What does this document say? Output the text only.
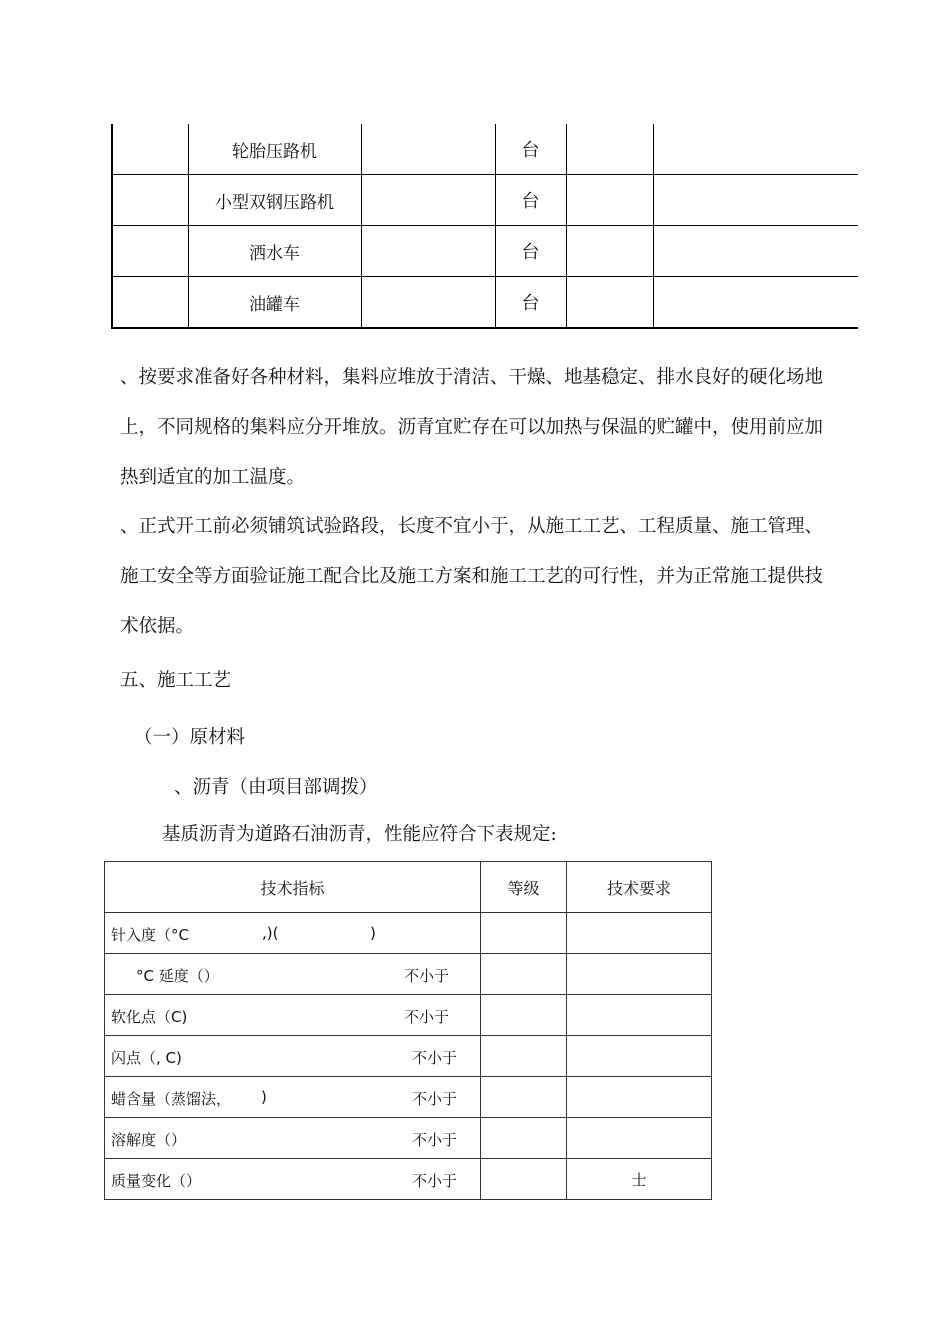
	轮胎压路机		台		
	小型双钢压路机		台		
	洒水车		台		
	油罐车		台		

、按要求准备好各种材料，集料应堆放于清洁、干燥、地基稳定、排水良好的硬化场地上，不同规格的集料应分开堆放。沥青宜贮存在可以加热与保温的贮罐中，使用前应加热到适宜的加工温度。

、正式开工前必须铺筑试验路段，长度不宜小于，从施工工艺、工程质量、施工管理、施工安全等方面验证施工配合比及施工方案和施工工艺的可行性，并为正常施工提供技术依据。

五、施工工艺
（一）原材料
、沥青（由项目部调拨）
基质沥青为道路石油沥青，性能应符合下表规定:
技术指标	等级	技术要求

针入度（°C ,)( )		

°C 延度（） 不小于		

软化点（C) 不小于		

闪点（, C) 不小于		

蜡含量（蒸馏法， ) 不小于		

溶解度（） 不小于		

质量变化（） 不小于		士
